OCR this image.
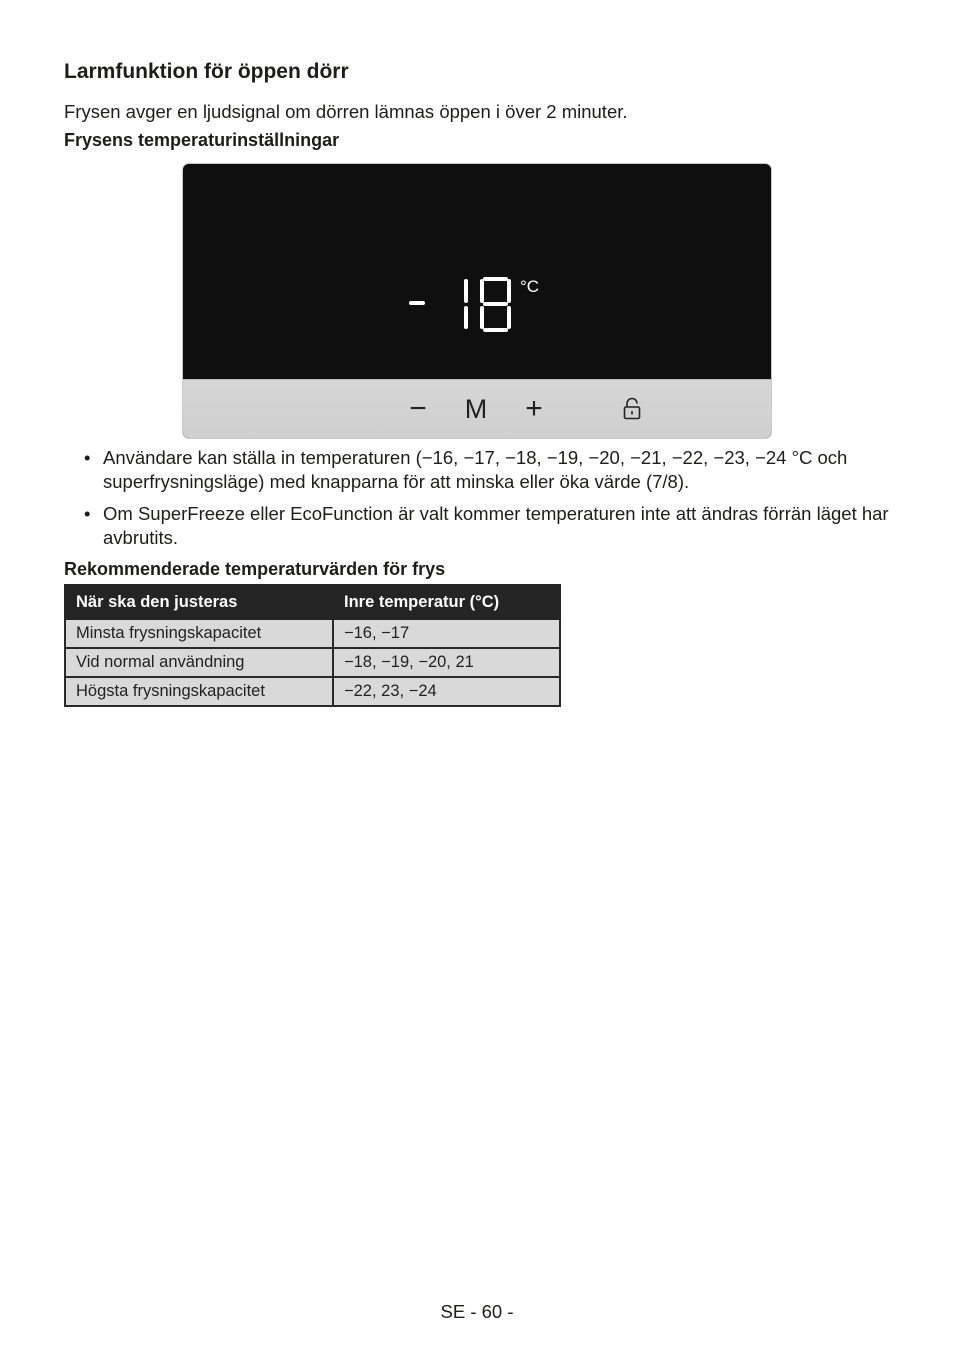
Larmfunktion för öppen dörr
Frysen avger en ljudsignal om dörren lämnas öppen i över 2 minuter.
Frysens temperaturinställningar
°C
− M +
• Användare kan ställa in temperaturen (−16, −17, −18, −19, −20, −21, −22, −23, −24 °C och superfrysningsläge) med knapparna för att minska eller öka värde (7/8).
• Om SuperFreeze eller EcoFunction är valt kommer temperaturen inte att ändras förrän läget har avbrutits.
Rekommenderade temperaturvärden för frys
När ska den justeras	Inre temperatur (°C)
Minsta frysningskapacitet	−16, −17
Vid normal användning	−18, −19, −20, 21
Högsta frysningskapacitet	−22, 23, −24
SE - 60 -
